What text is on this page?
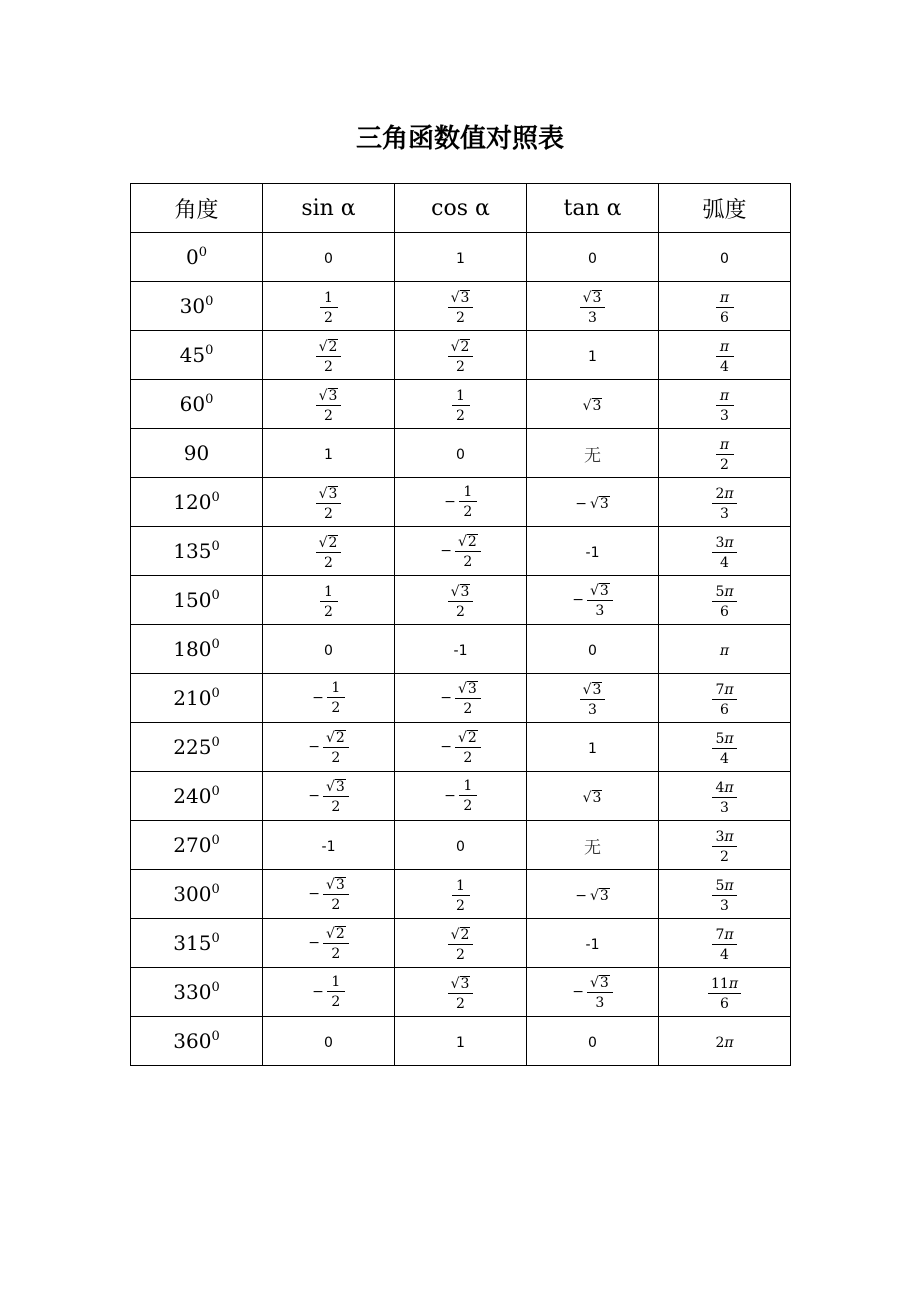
三角函数值对照表
角度	sin α	cos α	tan α	弧度
$0^0$	0	1	0	0
$30^0$	$\frac{1}{2}$	$\frac{√ 3}{2}$	$\frac{√ 3}{3}$	$\frac{\pi}{6}$

$45^0$	$\frac{√ 2}{2}$	$\frac{√ 2}{2}$	1	$\frac{\pi}{4}$

$60^0$	$\frac{√ 3}{2}$	$\frac{1}{2}$	√ 3	$\frac{\pi}{3}$

90	1	0	无	$\frac{\pi}{2}$

$120^0$	$\frac{√ 3}{2}$	− $\frac{1}{2}$	− √ 3	$\frac{2 \pi}{3}$

$135^0$	$\frac{√ 2}{2}$	− $\frac{√ 2}{2}$	-1	$\frac{3 \pi}{4}$

$150^0$	$\frac{1}{2}$	$\frac{√ 3}{2}$	− $\frac{√ 3}{3}$	$\frac{5 \pi}{6}$

$180^0$	0	-1	0	π

$210^0$	− $\frac{1}{2}$	− $\frac{√ 3}{2}$	$\frac{√ 3}{3}$	$\frac{7 \pi}{6}$

$225^0$	− $\frac{√ 2}{2}$	− $\frac{√ 2}{2}$	1	$\frac{5 \pi}{4}$

$240^0$	− $\frac{√ 3}{2}$	− $\frac{1}{2}$	√ 3	$\frac{4 \pi}{3}$

$270^0$	-1	0	无	$\frac{3 \pi}{2}$

$300^0$	− $\frac{√ 3}{2}$	$\frac{1}{2}$	− √ 3	$\frac{5 \pi}{3}$

$315^0$	− $\frac{√ 2}{2}$	$\frac{√ 2}{2}$	-1	$\frac{7 \pi}{4}$

$330^0$	− $\frac{1}{2}$	$\frac{√ 3}{2}$	− $\frac{√ 3}{3}$	$\frac{1 1 \pi}{6}$

$360^0$	0	1	0	2 π
